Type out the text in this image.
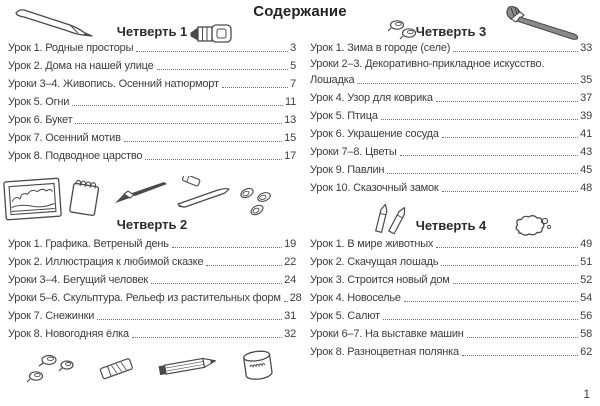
Содержание
Четверть 1
Урок 1. Родные просторы	3
Урок 2. Дома на нашей улице	5
Уроки 3–4. Живопись. Осенний натюрморт	7
Урок 5. Огни	11
Урок 6. Букет	13
Урок 7. Осенний мотив	15
Урок 8. Подводное царство	17
Четверть 2
Урок 1. Графика. Ветреный день	19
Урок 2. Иллюстрация к любимой сказке	22
Уроки 3–4. Бегущий человек	24
Уроки 5–6. Скульптура. Рельеф из растительных форм 28
Урок 7. Снежинки	31
Урок 8. Новогодняя ёлка	32
Четверть 3
Урок 1. Зима в городе (селе)	33
Уроки 2–3. Декоративно-прикладное искусство.
Лошадка	35
Урок 4. Узор для коврика	37
Урок 5. Птица	39
Урок 6. Украшение сосуда	41
Уроки 7–8. Цветы	43
Урок 9. Павлин	45
Урок 10. Сказочный замок	48
Четверть 4
Урок 1. В мире животных	49
Урок 2. Скачущая лошадь	51
Урок 3. Строится новый дом	52
Урок 4. Новоселье	54
Урок 5. Салют	56
Уроки 6–7. На выставке машин	58
Урок 8. Разноцветная полянка	62
1
